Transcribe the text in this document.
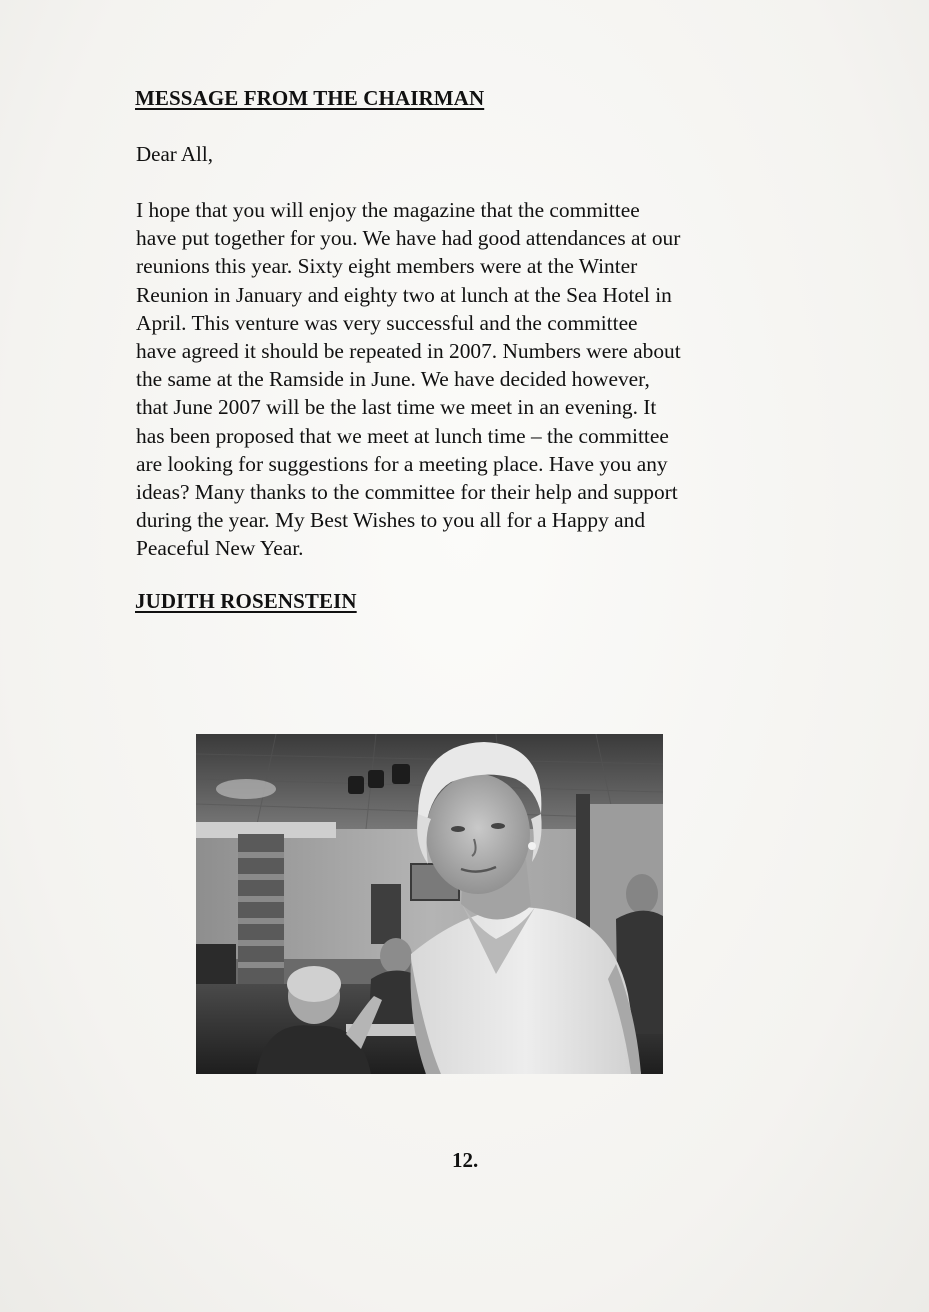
MESSAGE FROM THE CHAIRMAN
Dear All,
I hope that you will enjoy the magazine that the committee
have put together for you. We have had good attendances at our
reunions this year. Sixty eight members were at the Winter
Reunion in January and eighty two at lunch at the Sea Hotel in
April. This venture was very successful and the committee
have agreed it should be repeated in 2007. Numbers were about
the same at the Ramside in June. We have decided however,
that June 2007 will be the last time we meet in an evening. It
has been proposed that we meet at lunch time – the committee
are looking for suggestions for a meeting place. Have you any
ideas? Many thanks to the committee for their help and support
during the year. My Best Wishes to you all for a Happy and
Peaceful New Year.
JUDITH ROSENSTEIN
12.
